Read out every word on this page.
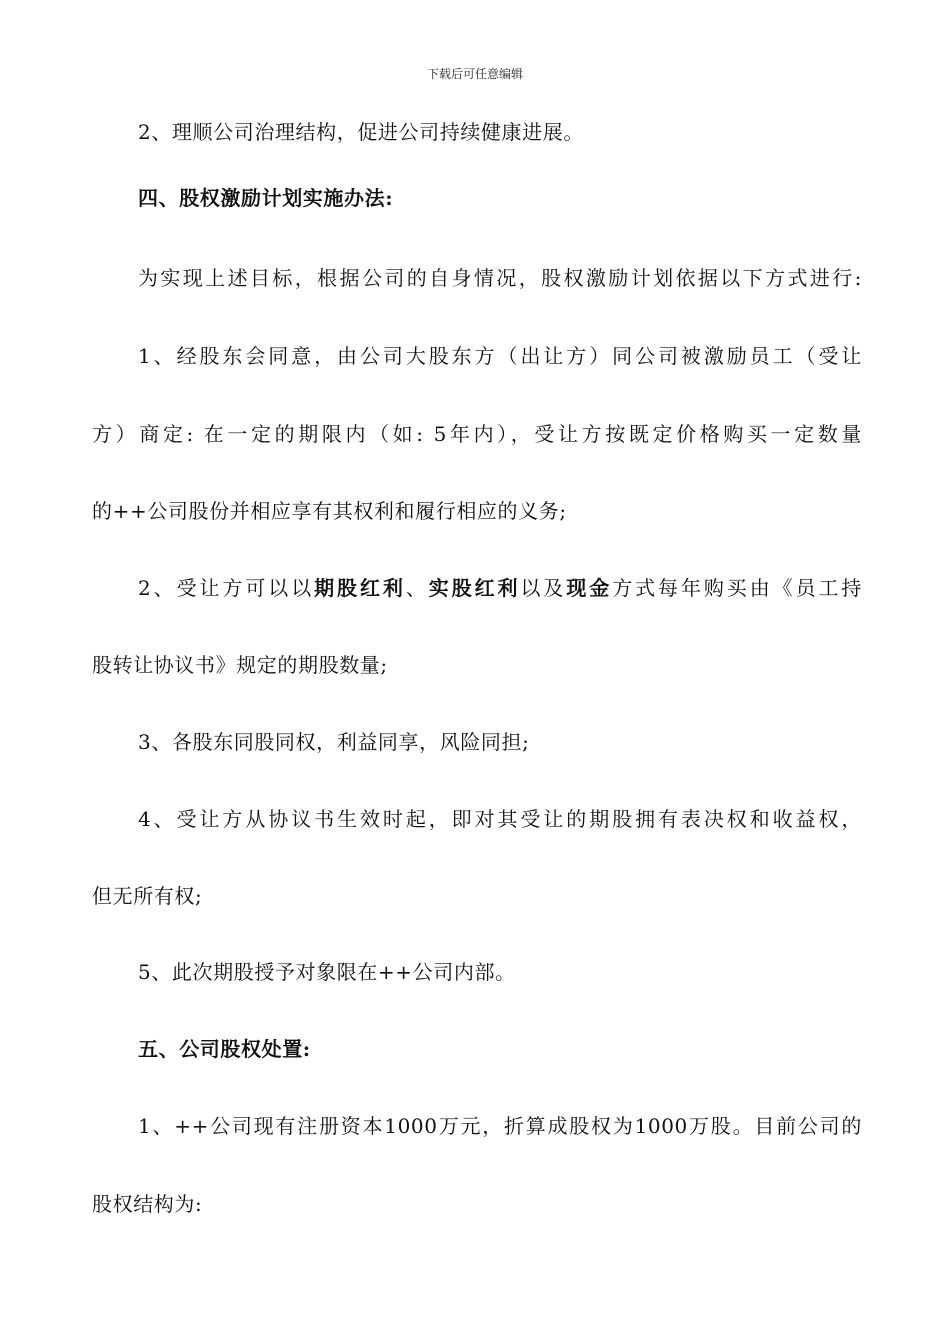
下载后可任意编辑
2、理顺公司治理结构，促进公司持续健康进展。
四、股权激励计划实施办法:
为实现上述目标，根据公司的自身情况，股权激励计划依据以下方式进行:
1、经股东会同意，由公司大股东方（出让方）同公司被激励员工（受让
方）商定: 在一定的期限内（如: 5年内），受让方按既定价格购买一定数量
的++公司股份并相应享有其权利和履行相应的义务;
2、受让方可以以期股红利、实股红利以及现金方式每年购买由《员工持
股转让协议书》规定的期股数量;
3、各股东同股同权，利益同享，风险同担;
4、受让方从协议书生效时起，即对其受让的期股拥有表决权和收益权，
但无所有权;
5、此次期股授予对象限在++公司内部。
五、公司股权处置:
1、++公司现有注册资本1000万元，折算成股权为1000万股。目前公司的
股权结构为:
